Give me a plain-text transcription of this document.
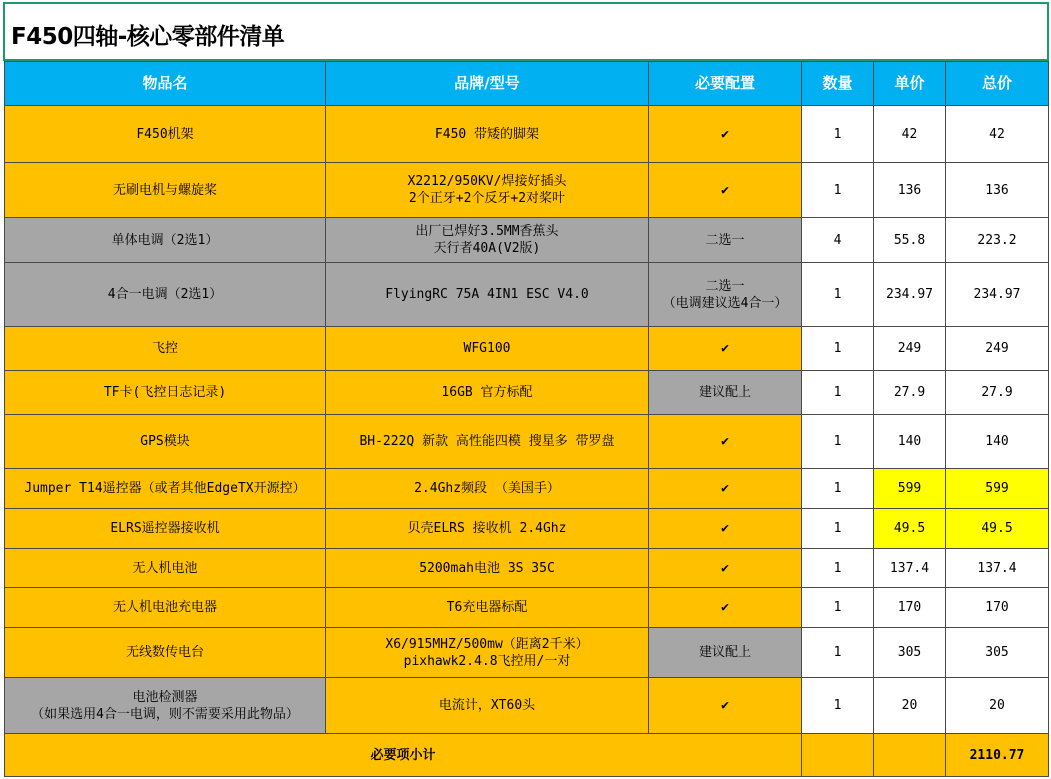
F450四轴-核心零部件清单
物品名	品牌/型号	必要配置	数量	单价	总价

F450机架	F450 带矮的脚架	✔	1	42	42

无刷电机与螺旋桨	X2212/950KV/焊接好插头
2个正牙+2个反牙+2对桨叶	✔	1	136	136

单体电调（2选1）	出厂已焊好3.5MM香蕉头
天行者40A(V2版)	二选一	4	55.8	223.2

4合一电调（2选1）	FlyingRC 75A 4IN1 ESC V4.0	二选一
（电调建议选4合一）	1	234.97	234.97

飞控	WFG100	✔	1	249	249

TF卡(飞控日志记录)	16GB 官方标配	建议配上	1	27.9	27.9

GPS模块	BH-222Q 新款 高性能四模 搜星多 带罗盘	✔	1	140	140

Jumper T14遥控器（或者其他EdgeTX开源控）	2.4Ghz频段 （美国手）	✔	1	599	599

ELRS遥控器接收机	贝壳ELRS 接收机 2.4Ghz	✔	1	49.5	49.5

无人机电池	5200mah电池 3S 35C	✔	1	137.4	137.4

无人机电池充电器	T6充电器标配	✔	1	170	170

无线数传电台	X6/915MHZ/500mw（距离2千米）
pixhawk2.4.8飞控用/一对	建议配上	1	305	305

电池检测器
（如果选用4合一电调，则不需要采用此物品）	电流计，XT60头	✔	1	20	20
必要项小计					2110.77
